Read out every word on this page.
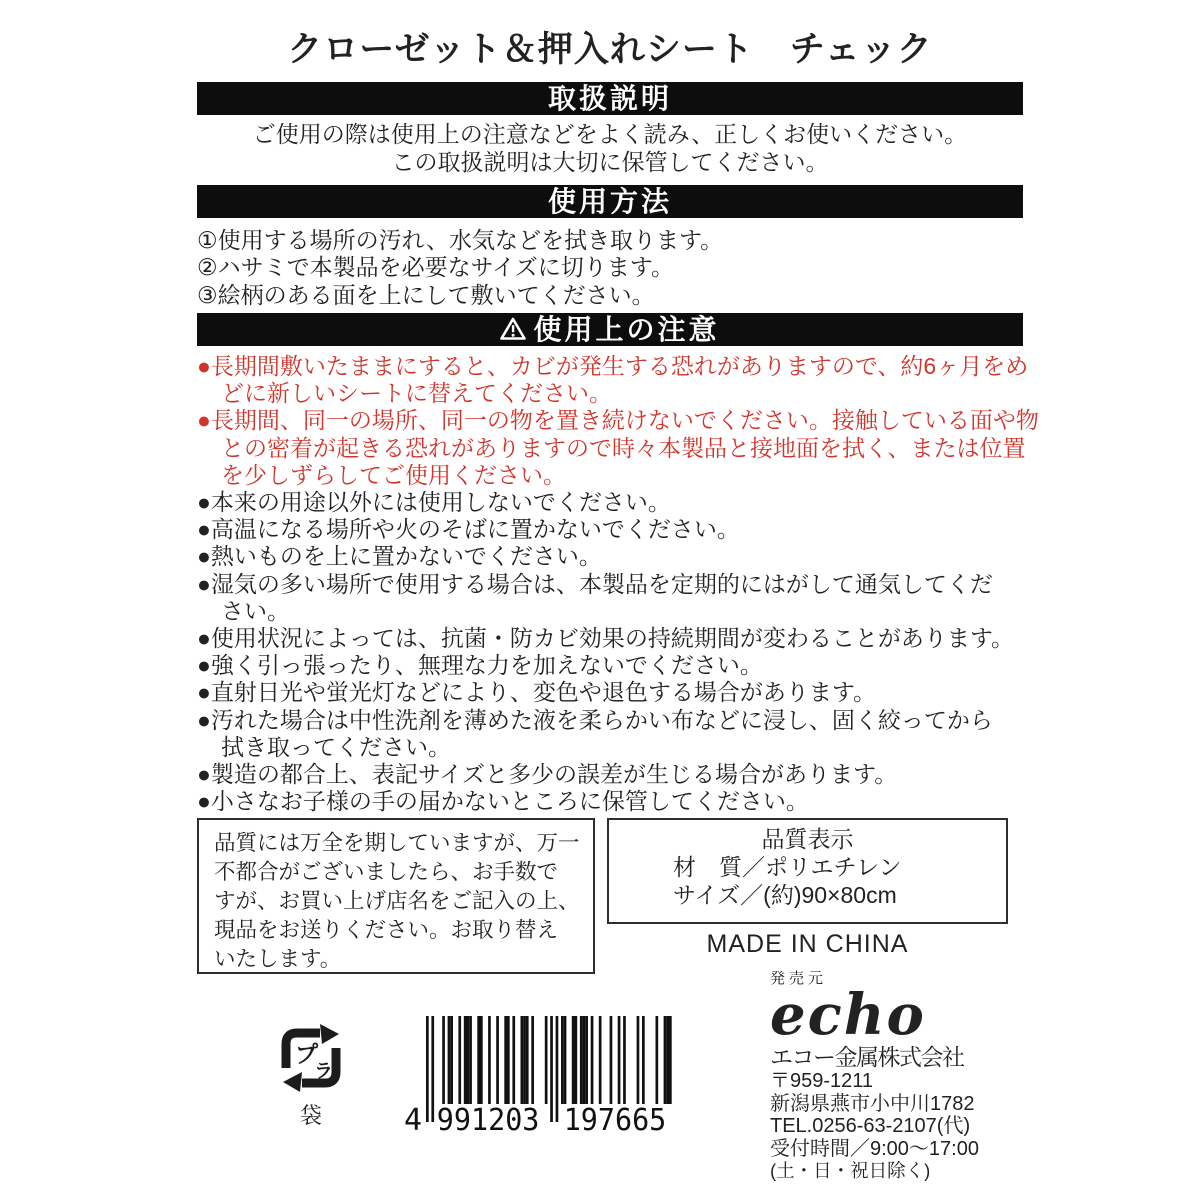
クローゼット＆押入れシート　チェック
取扱説明
ご使用の際は使用上の注意などをよく読み、正しくお使いください。
この取扱説明は大切に保管してください。
使用方法
①使用する場所の汚れ、水気などを拭き取ります。
②ハサミで本製品を必要なサイズに切ります。
③絵柄のある面を上にして敷いてください。
使用上の注意
●長期間敷いたままにすると、カビが発生する恐れがありますので、約6ヶ月をめ
どに新しいシートに替えてください。
●長期間、同一の場所、同一の物を置き続けないでください。接触している面や物
との密着が起きる恐れがありますので時々本製品と接地面を拭く、または位置
を少しずらしてご使用ください。
●本来の用途以外には使用しないでください。
●高温になる場所や火のそばに置かないでください。
●熱いものを上に置かないでください。
●湿気の多い場所で使用する場合は、本製品を定期的にはがして通気してくだ
さい。
●使用状況によっては、抗菌・防カビ効果の持続期間が変わることがあります。
●強く引っ張ったり、無理な力を加えないでください。
●直射日光や蛍光灯などにより、変色や退色する場合があります。
●汚れた場合は中性洗剤を薄めた液を柔らかい布などに浸し、固く絞ってから
拭き取ってください。
●製造の都合上、表記サイズと多少の誤差が生じる場合があります。
●小さなお子様の手の届かないところに保管してください。
品質には万全を期していますが、万一
不都合がございましたら、お手数で
すが、お買い上げ店名をご記入の上、
現品をお送りください。お取り替え
いたします。
品質表示
材　質／ポリエチレン
サイズ／(約)90×80cm
MADE IN CHINA
発売元
echo
エコー金属株式会社
〒959-1211
新潟県燕市小中川1782
TEL.0256-63-2107(代)
受付時間／9:00～17:00
(土・日・祝日除く)
プ
ラ
袋	4 991203 197665
